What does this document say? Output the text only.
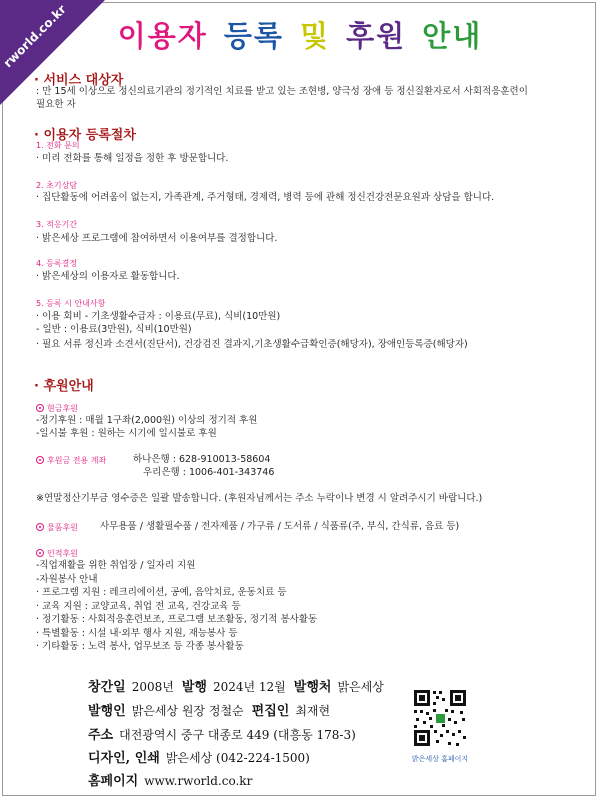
rworld.co.kr	이용자 등록 및 후원 안내
· 서비스 대상자
: 만 15세 이상으로 정신의료기관의 정기적인 치료를 받고 있는 조현병, 양극성 장애 등 정신질환자로서 사회적응훈련이
필요한 자
· 이용자 등록절차
1. 전화 문의
· 미리 전화를 통해 일정을 정한 후 방문합니다.
2. 초기상담
· 집단활동에 어려움이 없는지, 가족관계, 주거형태, 경제력, 병력 등에 관해 정신건강전문요원과 상담을 합니다.
3. 적응기간
· 밝은세상 프로그램에 참여하면서 이용여부를 결정합니다.
4. 등록결정
· 밝은세상의 이용자로 활동합니다.
5. 등록 시 안내사항
· 이용 회비 - 기초생활수급자 : 이용료(무료), 식비(10만원)
- 일반 : 이용료(3만원), 식비(10만원)
· 필요 서류 정신과 소견서(진단서), 건강검진 결과지,기초생활수급확인증(해당자), 장애인등록증(해당자)
· 후원안내
현금후원
-정기후원 : 매월 1구좌(2,000원) 이상의 정기적 후원
-일시불 후원 : 원하는 시기에 일시불로 후원
후원금 전용 계좌	하나은행 : 628-910013-58604
우리은행 : 1006-401-343746
※연말정산기부금 영수증은 일괄 발송합니다. (후원자님께서는 주소 누락이나 변경 시 알려주시기 바랍니다.)
물품후원 사무용품 / 생활필수품 / 전자제품 / 가구류 / 도서류 / 식품류(주, 부식, 간식류, 음료 등)
인적후원
-직업재활을 위한 취업장 / 일자리 지원
-자원봉사 안내
· 프로그램 지원 : 레크리에이션, 공예, 음악치료, 운동치료 등
· 교육 지원 : 교양교육, 취업 전 교육, 건강교육 등
· 정기활동 : 사회적응훈련보조, 프로그램 보조활동, 정기적 봉사활동
· 특별활동 : 시설 내·외부 행사 지원, 재능봉사 등
· 기타활동 : 노력 봉사, 업무보조 등 각종 봉사활동
창간일 2008년 발행 2024년 12월 발행처 밝은세상
발행인 밝은세상 원장 정철순 편집인 최재현
주소 대전광역시 중구 대종로 449 (대흥동 178-3)
디자인, 인쇄 밝은세상 (042-224-1500)
홈페이지 www.rworld.co.kr
밝은세상 홈페이지
